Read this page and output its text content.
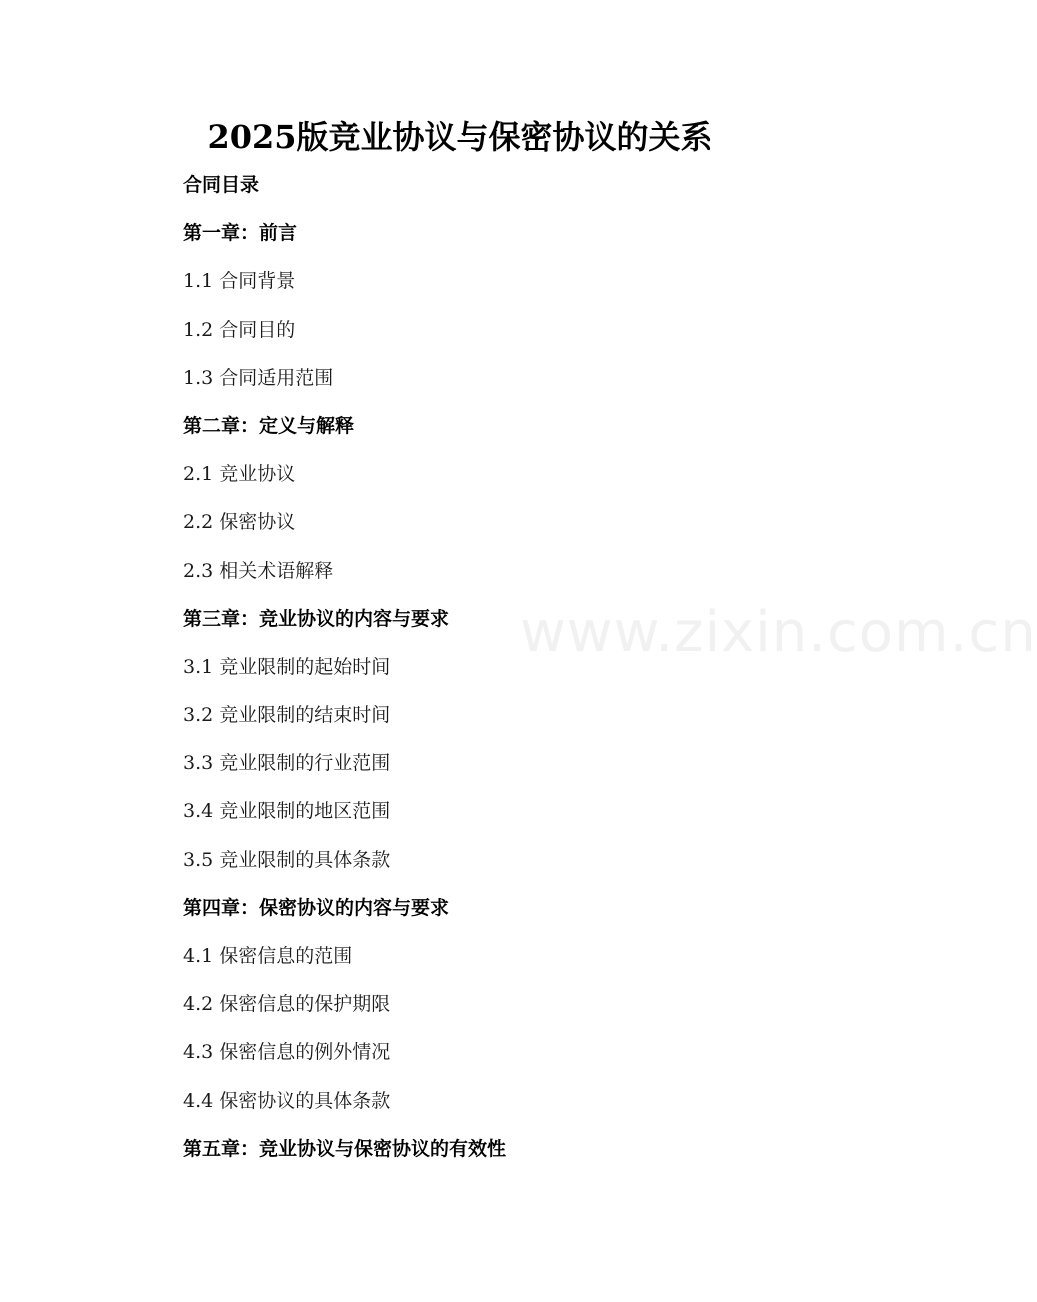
2025版竞业协议与保密协议的关系
合同目录
第一章：前言
1.1 合同背景
1.2 合同目的
1.3 合同适用范围
第二章：定义与解释
2.1 竞业协议
2.2 保密协议
2.3 相关术语解释
第三章：竞业协议的内容与要求
3.1 竞业限制的起始时间
3.2 竞业限制的结束时间
3.3 竞业限制的行业范围
3.4 竞业限制的地区范围
3.5 竞业限制的具体条款
第四章：保密协议的内容与要求
4.1 保密信息的范围
4.2 保密信息的保护期限
4.3 保密信息的例外情况
4.4 保密协议的具体条款
第五章：竞业协议与保密协议的有效性
www.zixin.com.cn
